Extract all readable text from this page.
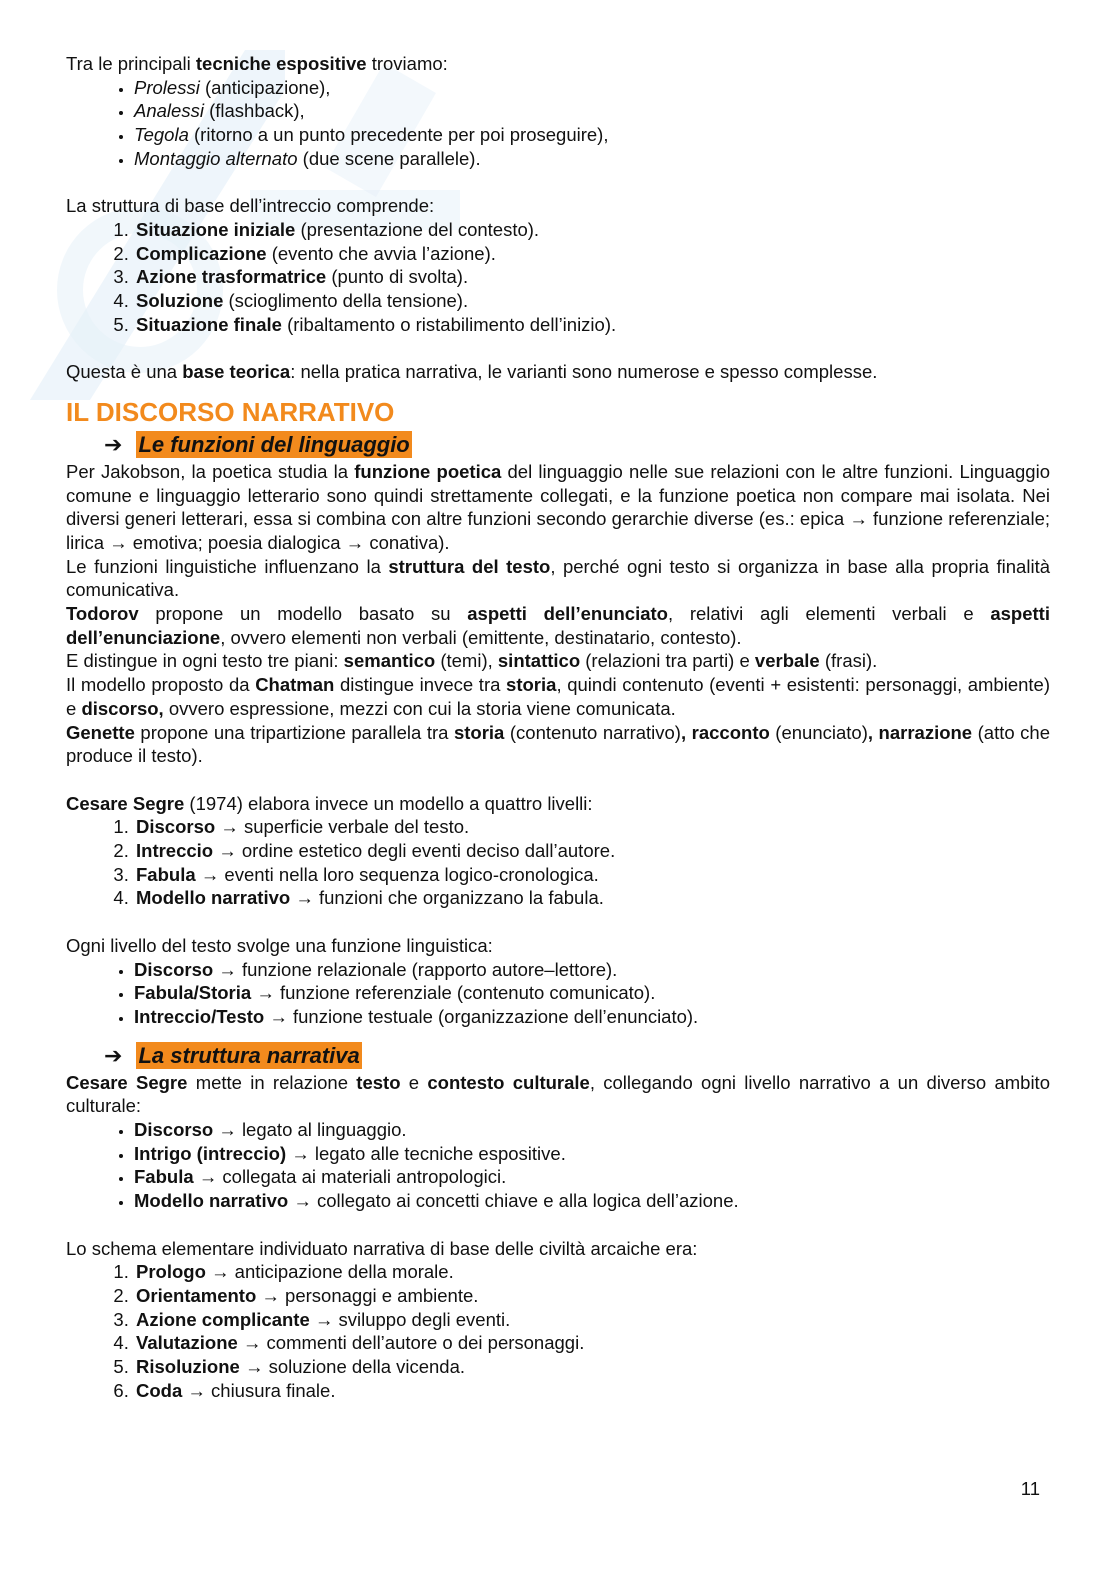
Tra le principali tecniche espositive troviamo:

• Prolessi (anticipazione),
• Analessi (flashback),
• Tegola (ritorno a un punto precedente per poi proseguire),
• Montaggio alternato (due scene parallele).

La struttura di base dell’intreccio comprende:

1. Situazione iniziale (presentazione del contesto).
2. Complicazione (evento che avvia l’azione).
3. Azione trasformatrice (punto di svolta).
4. Soluzione (scioglimento della tensione).
5. Situazione finale (ribaltamento o ristabilimento dell’inizio).

Questa è una base teorica: nella pratica narrativa, le varianti sono numerose e spesso complesse.

IL DISCORSO NARRATIVO
➔ Le funzioni del linguaggio

Per Jakobson, la poetica studia la funzione poetica del linguaggio nelle sue relazioni con le altre funzioni. Linguaggio comune e linguaggio letterario sono quindi strettamente collegati, e la funzione poetica non compare mai isolata. Nei diversi generi letterari, essa si combina con altre funzioni secondo gerarchie diverse (es.: epica → funzione referenziale; lirica → emotiva; poesia dialogica → conativa).

Le funzioni linguistiche influenzano la struttura del testo, perché ogni testo si organizza in base alla propria finalità comunicativa.

Todorov propone un modello basato su aspetti dell’enunciato, relativi agli elementi verbali e aspetti dell’enunciazione, ovvero elementi non verbali (emittente, destinatario, contesto).

E distingue in ogni testo tre piani: semantico (temi), sintattico (relazioni tra parti) e verbale (frasi).

Il modello proposto da Chatman distingue invece tra storia, quindi contenuto (eventi + esistenti: personaggi, ambiente) e discorso, ovvero espressione, mezzi con cui la storia viene comunicata.

Genette propone una tripartizione parallela tra storia (contenuto narrativo), racconto (enunciato), narrazione (atto che produce il testo).

Cesare Segre (1974) elabora invece un modello a quattro livelli:

1. Discorso → superficie verbale del testo.
2. Intreccio → ordine estetico degli eventi deciso dall’autore.
3. Fabula → eventi nella loro sequenza logico-cronologica.
4. Modello narrativo → funzioni che organizzano la fabula.

Ogni livello del testo svolge una funzione linguistica:

• Discorso → funzione relazionale (rapporto autore–lettore).
• Fabula/Storia → funzione referenziale (contenuto comunicato).
• Intreccio/Testo → funzione testuale (organizzazione dell’enunciato).
➔ La struttura narrativa

Cesare Segre mette in relazione testo e contesto culturale, collegando ogni livello narrativo a un diverso ambito culturale:

• Discorso → legato al linguaggio.
• Intrigo (intreccio) → legato alle tecniche espositive.
• Fabula → collegata ai materiali antropologici.
• Modello narrativo → collegato ai concetti chiave e alla logica dell’azione.

Lo schema elementare individuato narrativa di base delle civiltà arcaiche era:

1. Prologo → anticipazione della morale.
2. Orientamento → personaggi e ambiente.
3. Azione complicante → sviluppo degli eventi.
4. Valutazione → commenti dell’autore o dei personaggi.
5. Risoluzione → soluzione della vicenda.
6. Coda → chiusura finale.
11
